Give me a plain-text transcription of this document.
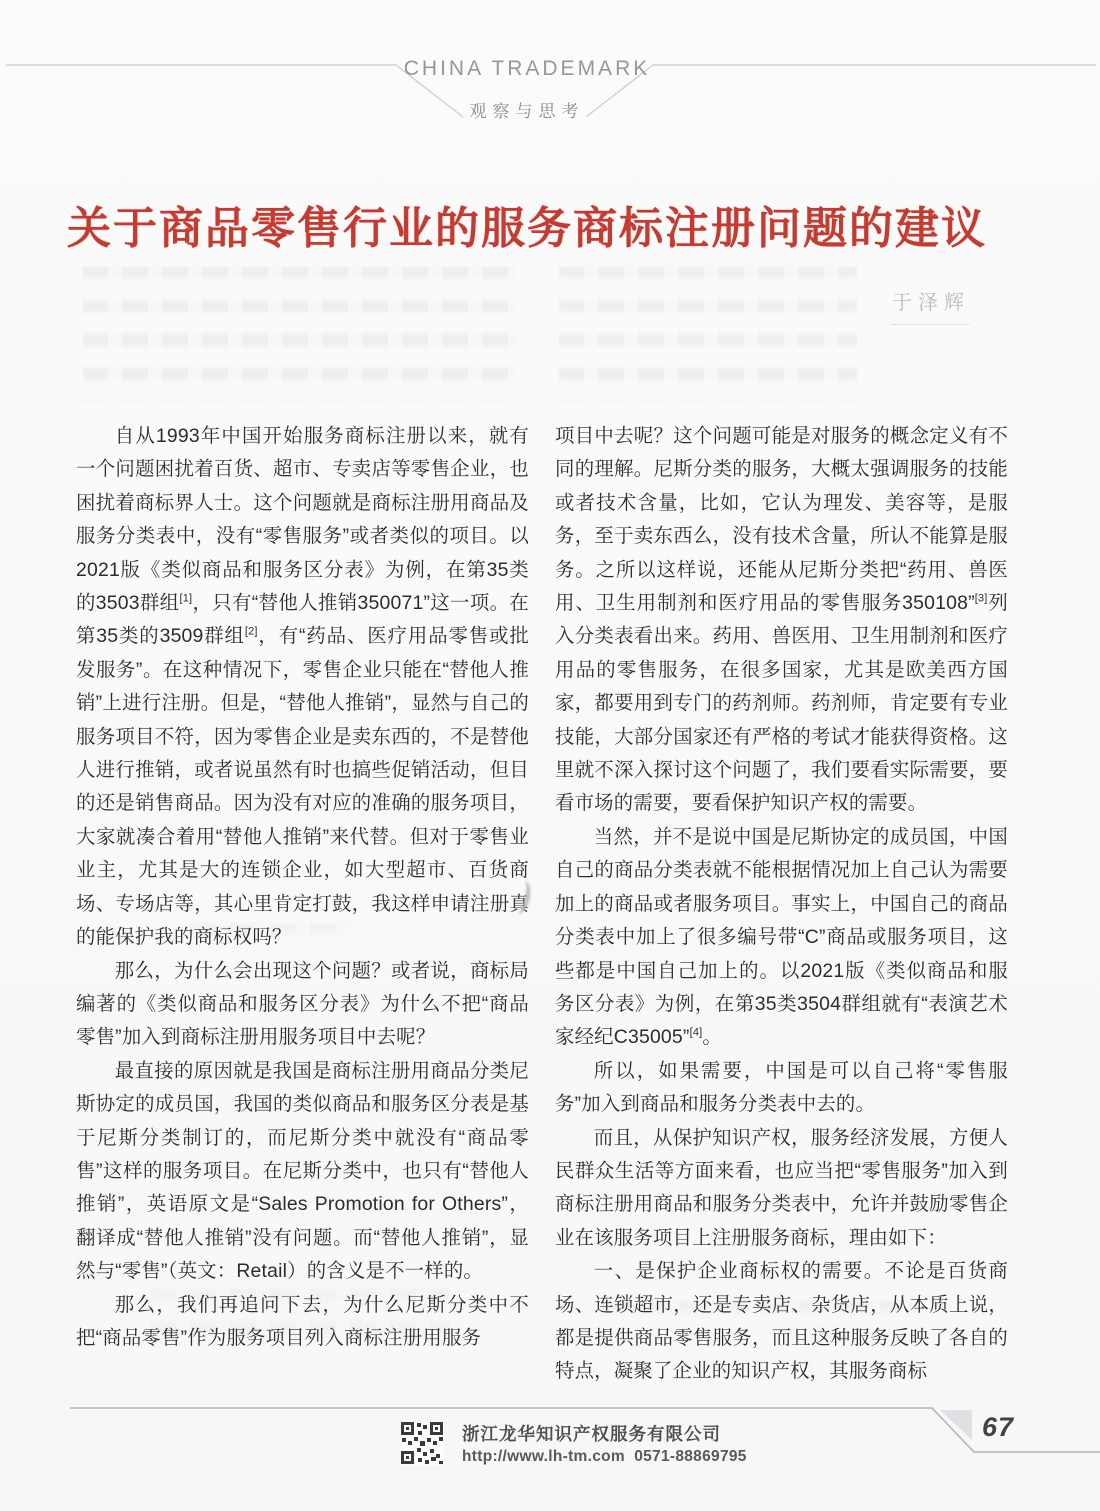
CHINA TRADEMARK
观察与思考
关于商品零售行业的服务商标注册问题的建议
于泽辉

自从1993年中国开始服务商标注册以来，就有一个问题困扰着百货、超市、专卖店等零售企业，也困扰着商标界人士。这个问题就是商标注册用商品及服务分类表中，没有“零售服务”或者类似的项目。以2021版《类似商品和服务区分表》为例，在第35类的3503群组[1]，只有“替他人推销350071”这一项。在第35类的3509群组[2]，有“药品、医疗用品零售或批发服务”。在这种情况下，零售企业只能在“替他人推销”上进行注册。但是，“替他人推销”，显然与自己的服务项目不符，因为零售企业是卖东西的，不是替他人进行推销，或者说虽然有时也搞些促销活动，但目的还是销售商品。因为没有对应的准确的服务项目，大家就凑合着用“替他人推销”来代替。但对于零售业业主，尤其是大的连锁企业，如大型超市、百货商场、专场店等，其心里肯定打鼓，我这样申请注册真的能保护我的商标权吗？

那么，为什么会出现这个问题？或者说，商标局编著的《类似商品和服务区分表》为什么不把“商品零售”加入到商标注册用服务项目中去呢？

最直接的原因就是我国是商标注册用商品分类尼斯协定的成员国，我国的类似商品和服务区分表是基于尼斯分类制订的，而尼斯分类中就没有“商品零售”这样的服务项目。在尼斯分类中，也只有“替他人推销”，英语原文是“Sales Promotion for Others”，翻译成“替他人推销”没有问题。而“替他人推销”，显然与“零售”（英文：Retail）的含义是不一样的。

那么，我们再追问下去，为什么尼斯分类中不把“商品零售”作为服务项目列入商标注册用服务

项目中去呢？这个问题可能是对服务的概念定义有不同的理解。尼斯分类的服务，大概太强调服务的技能或者技术含量，比如，它认为理发、美容等，是服务，至于卖东西么，没有技术含量，所认不能算是服务。之所以这样说，还能从尼斯分类把“药用、兽医用、卫生用制剂和医疗用品的零售服务350108”[3]列入分类表看出来。药用、兽医用、卫生用制剂和医疗用品的零售服务，在很多国家，尤其是欧美西方国家，都要用到专门的药剂师。药剂师，肯定要有专业技能，大部分国家还有严格的考试才能获得资格。这里就不深入探讨这个问题了，我们要看实际需要，要看市场的需要，要看保护知识产权的需要。

当然，并不是说中国是尼斯协定的成员国，中国自己的商品分类表就不能根据情况加上自己认为需要加上的商品或者服务项目。事实上，中国自己的商品分类表中加上了很多编号带“C”商品或服务项目，这些都是中国自己加上的。以2021版《类似商品和服务区分表》为例，在第35类3504群组就有“表演艺术家经纪C35005”[4]。

所以，如果需要，中国是可以自己将“零售服务”加入到商品和服务分类表中去的。

而且，从保护知识产权，服务经济发展，方便人民群众生活等方面来看，也应当把“零售服务”加入到商标注册用商品和服务分类表中，允许并鼓励零售企业在该服务项目上注册服务商标，理由如下：

一、是保护企业商标权的需要。不论是百货商场、连锁超市，还是专卖店、杂货店，从本质上说，都是提供商品零售服务，而且这种服务反映了各自的特点，凝聚了企业的知识产权，其服务商标

浙江龙华知识产权服务有限公司
http://www.lh-tm.com  0571-88869795
67
